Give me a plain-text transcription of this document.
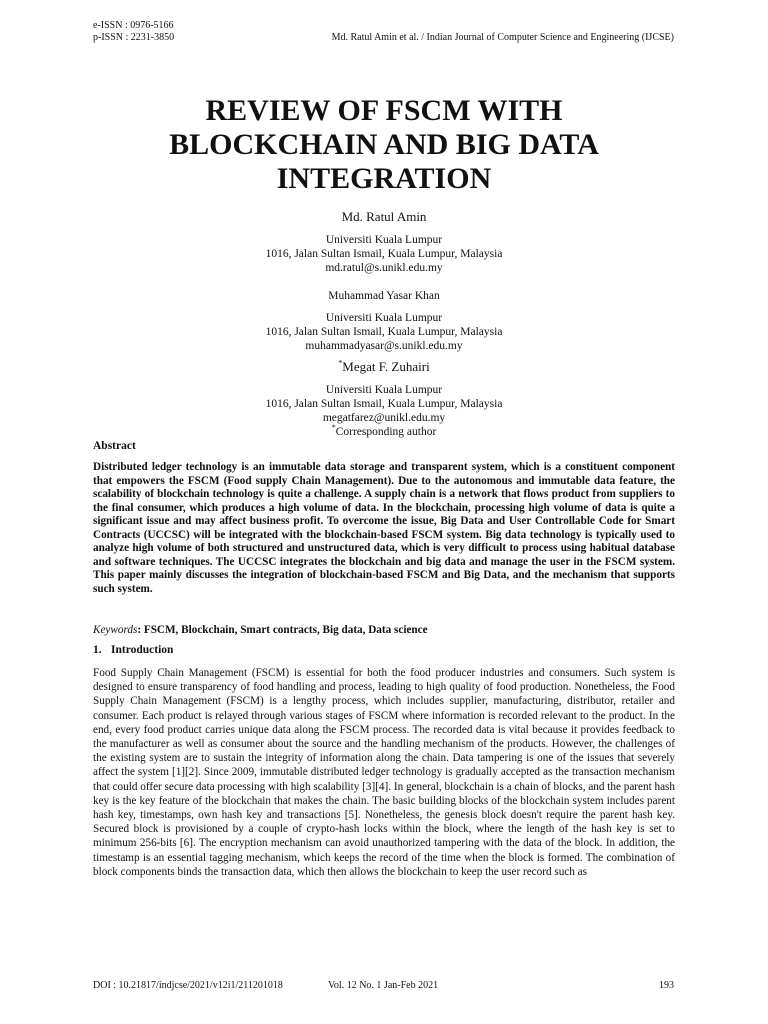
e-ISSN : 0976-5166
p-ISSN : 2231-3850	Md. Ratul Amin et al. / Indian Journal of Computer Science and Engineering (IJCSE)
REVIEW OF FSCM WITH
BLOCKCHAIN AND BIG DATA
INTEGRATION
Md. Ratul Amin
Universiti Kuala Lumpur
1016, Jalan Sultan Ismail, Kuala Lumpur, Malaysia
md.ratul@s.unikl.edu.my
Muhammad Yasar Khan
Universiti Kuala Lumpur
1016, Jalan Sultan Ismail, Kuala Lumpur, Malaysia
muhammadyasar@s.unikl.edu.my
*Megat F. Zuhairi
Universiti Kuala Lumpur
1016, Jalan Sultan Ismail, Kuala Lumpur, Malaysia
megatfarez@unikl.edu.my
*Corresponding author
Abstract
Distributed ledger technology is an immutable data storage and transparent system, which is a constituent component that empowers the FSCM (Food supply Chain Management). Due to the autonomous and immutable data feature, the scalability of blockchain technology is quite a challenge. A supply chain is a network that flows product from suppliers to the final consumer, which produces a high volume of data. In the blockchain, processing high volume of data is quite a significant issue and may affect business profit. To overcome the issue, Big Data and User Controllable Code for Smart Contracts (UCCSC) will be integrated with the blockchain-based FSCM system. Big data technology is typically used to analyze high volume of both structured and unstructured data, which is very difficult to process using habitual database and software techniques. The UCCSC integrates the blockchain and big data and manage the user in the FSCM system. This paper mainly discusses the integration of blockchain-based FSCM and Big Data, and the mechanism that supports such system.
Keywords: FSCM, Blockchain, Smart contracts, Big data, Data science
1. Introduction
Food Supply Chain Management (FSCM) is essential for both the food producer industries and consumers. Such system is designed to ensure transparency of food handling and process, leading to high quality of food production. Nonetheless, the Food Supply Chain Management (FSCM) is a lengthy process, which includes supplier, manufacturing, distributor, retailer and consumer. Each product is relayed through various stages of FSCM where information is recorded relevant to the product. In the end, every food product carries unique data along the FSCM process. The recorded data is vital because it provides feedback to the manufacturer as well as consumer about the source and the handling mechanism of the products. However, the challenges of the existing system are to sustain the integrity of information along the chain. Data tampering is one of the issues that severely affect the system [1][2]. Since 2009, immutable distributed ledger technology is gradually accepted as the transaction mechanism that could offer secure data processing with high scalability [3][4]. In general, blockchain is a chain of blocks, and the parent hash key is the key feature of the blockchain that makes the chain. The basic building blocks of the blockchain system includes parent hash key, timestamps, own hash key and transactions [5]. Nonetheless, the genesis block doesn't require the parent hash key. Secured block is provisioned by a couple of crypto-hash locks within the block, where the length of the hash key is set to minimum 256-bits [6]. The encryption mechanism can avoid unauthorized tampering with the data of the block. In addition, the timestamp is an essential tagging mechanism, which keeps the record of the time when the block is formed. The combination of block components binds the transaction data, which then allows the blockchain to keep the user record such as
DOI : 10.21817/indjcse/2021/v12i1/211201018	Vol. 12 No. 1 Jan-Feb 2021	193
